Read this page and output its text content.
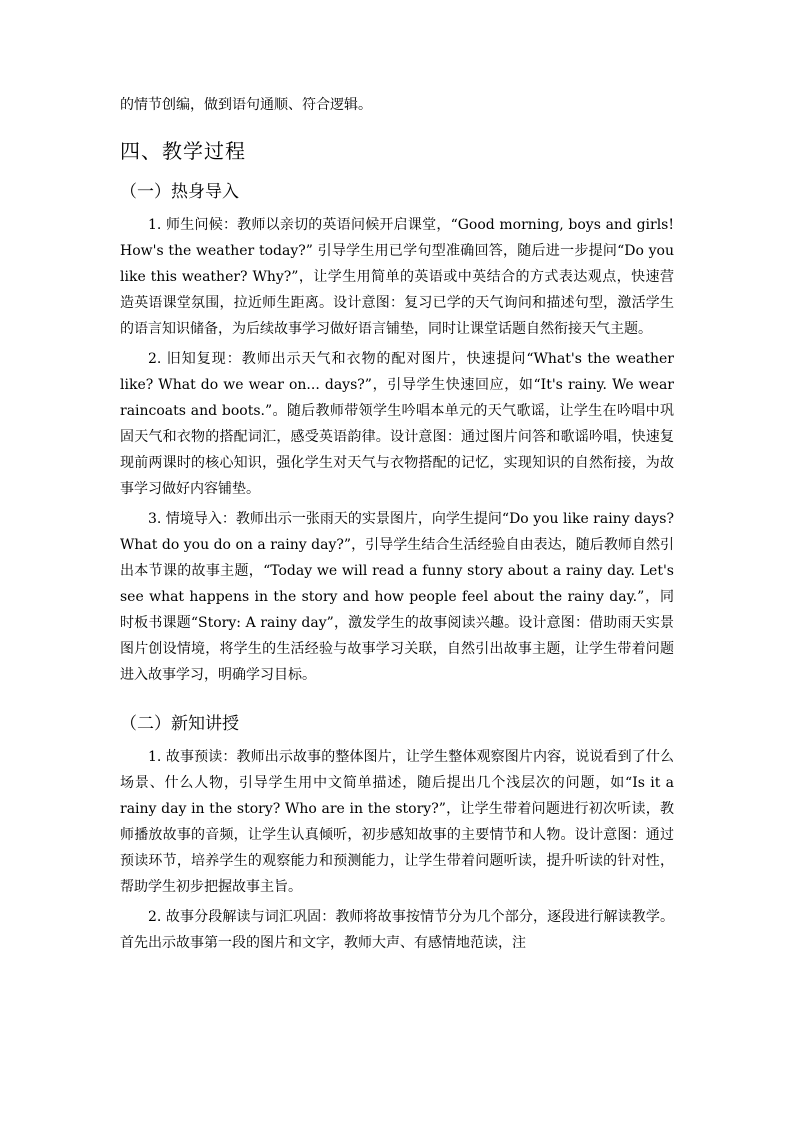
的情节创编，做到语句通顺、符合逻辑。

四、教学过程
（一）热身导入

1. 师生问候：教师以亲切的英语问候开启课堂，“Good morning, boys and girls! How's the weather today?” 引导学生用已学句型准确回答，随后进一步提问“Do you like this weather? Why?”，让学生用简单的英语或中英结合的方式表达观点，快速营造英语课堂氛围，拉近师生距离。设计意图：复习已学的天气询问和描述句型，激活学生的语言知识储备，为后续故事学习做好语言铺垫，同时让课堂话题自然衔接天气主题。

2. 旧知复现：教师出示天气和衣物的配对图片，快速提问“What's the weather like? What do we wear on... days?”，引导学生快速回应，如“It's rainy. We wear raincoats and boots.”。随后教师带领学生吟唱本单元的天气歌谣，让学生在吟唱中巩固天气和衣物的搭配词汇，感受英语韵律。设计意图：通过图片问答和歌谣吟唱，快速复现前两课时的核心知识，强化学生对天气与衣物搭配的记忆，实现知识的自然衔接，为故事学习做好内容铺垫。

3. 情境导入：教师出示一张雨天的实景图片，向学生提问“Do you like rainy days? What do you do on a rainy day?”，引导学生结合生活经验自由表达，随后教师自然引出本节课的故事主题，“Today we will read a funny story about a rainy day. Let's see what happens in the story and how people feel about the rainy day.”，同时板书课题“Story: A rainy day”，激发学生的故事阅读兴趣。设计意图：借助雨天实景图片创设情境，将学生的生活经验与故事学习关联，自然引出故事主题，让学生带着问题进入故事学习，明确学习目标。

（二）新知讲授

1. 故事预读：教师出示故事的整体图片，让学生整体观察图片内容，说说看到了什么场景、什么人物，引导学生用中文简单描述，随后提出几个浅层次的问题，如“Is it a rainy day in the story? Who are in the story?”，让学生带着问题进行初次听读，教师播放故事的音频，让学生认真倾听，初步感知故事的主要情节和人物。设计意图：通过预读环节，培养学生的观察能力和预测能力，让学生带着问题听读，提升听读的针对性，帮助学生初步把握故事主旨。

2. 故事分段解读与词汇巩固：教师将故事按情节分为几个部分，逐段进行解读教学。首先出示故事第一段的图片和文字，教师大声、有感情地范读，注
